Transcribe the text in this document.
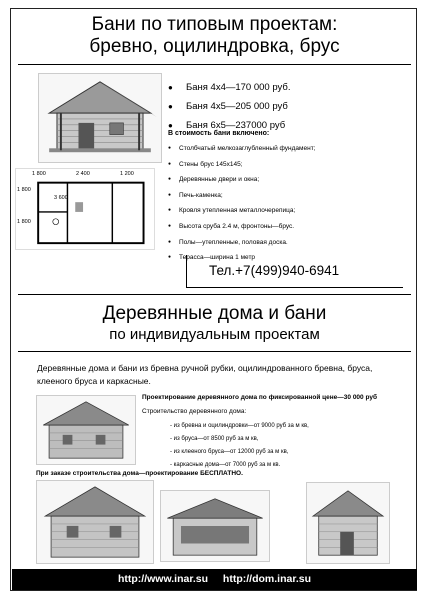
Бани по типовым проектам:
бревно, оцилиндровка, брус
1 800	2 400	1 200
1 800
3 600
1 800
● Баня 4х4—170 000 руб.
● Баня 4х5—205 000 руб
● Баня 6х5—237000 руб
В стоимость бани включено:
● Столбчатый мелкозаглубленный фундамент;
● Стены брус 145х145;
● Деревянные двери и окна;
● Печь-каменка;
● Кровля утепленная металлочерепица;
● Высота сруба 2.4 м, фронтоны—брус.
● Полы—утепленные, половая доска.
● Терасса—ширина 1 метр
Тел.+7(499)940-6941
Деревянные дома и бани
по индивидуальным проектам
Деревянные дома и бани из бревна ручной рубки, оцилиндрованного бревна, бруса, клееного бруса и каркасные.
Проектирование деревянного дома по фиксированной цене—30 000 руб
Строительство деревянного дома:
- из бревна и оцилиндровки—от 9000 руб за м кв,
- из бруса—от 8500 руб за м кв,
- из клееного бруса—от 12000 руб за м кв,
- каркасные дома—от 7000 руб за м кв.
При заказе строительства дома—проектирование БЕСПЛАТНО.
http://www.inar.su http://dom.inar.su
